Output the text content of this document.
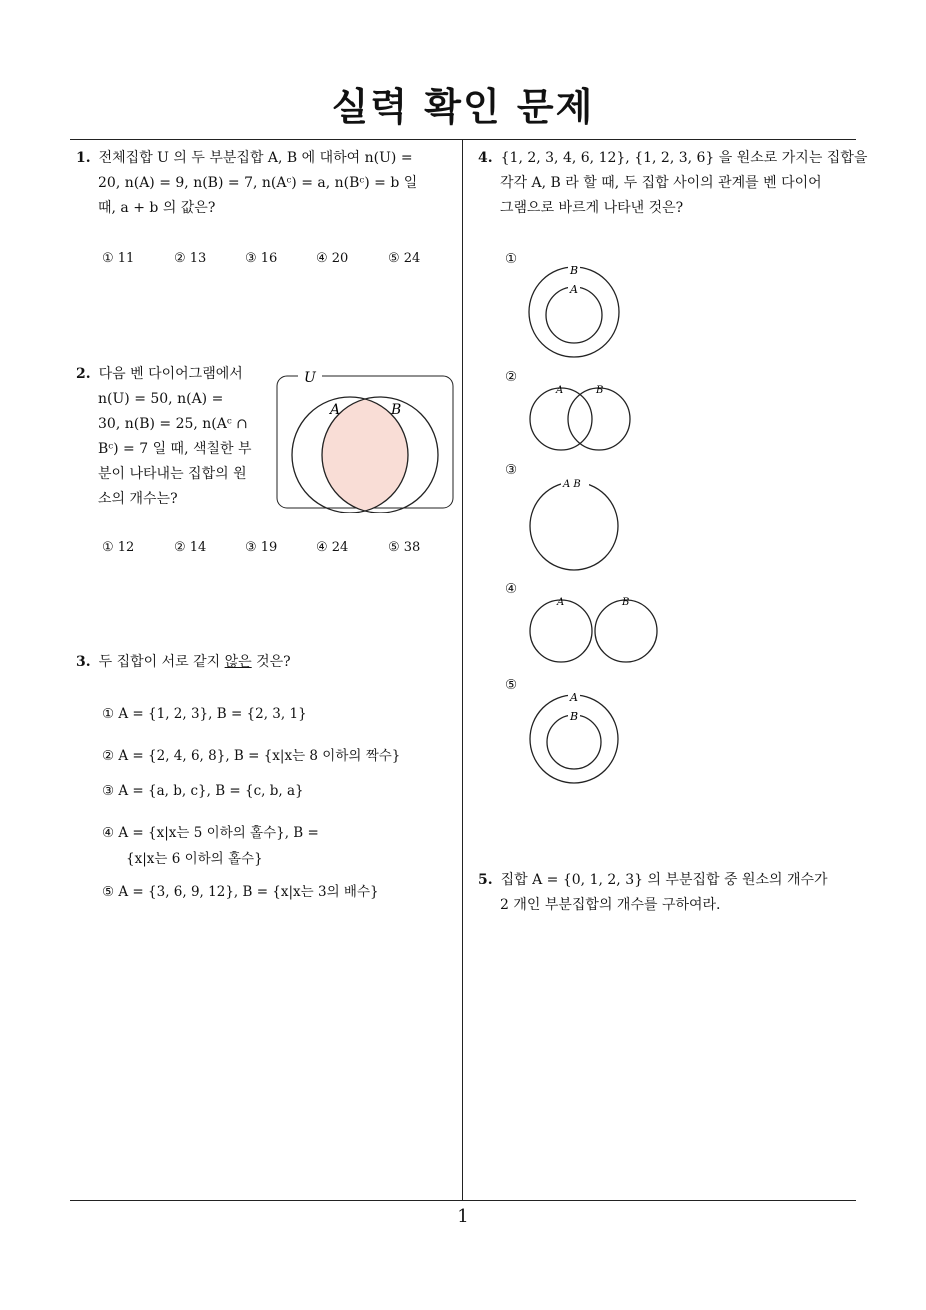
실력 확인 문제
1. 전체집합 U 의 두 부분집합 A, B 에 대하여 n(U) =
20, n(A) = 9, n(B) = 7, n(Aᶜ) = a, n(Bᶜ) = b 일
때, a + b 의 값은?
① 11	② 13	③ 16	④ 20	⑤ 24
2. 다음 벤 다이어그램에서
n(U) = 50, n(A) =
30, n(B) = 25, n(Aᶜ ∩
Bᶜ) = 7 일 때, 색칠한 부
분이 나타내는 집합의 원
소의 개수는?
U
A	B
① 12	② 14	③ 19	④ 24	⑤ 38
3. 두 집합이 서로 같지 않은 것은?
① A = {1, 2, 3}, B = {2, 3, 1}
② A = {2, 4, 6, 8}, B = {x|x는 8 이하의 짝수}
③ A = {a, b, c}, B = {c, b, a}
④ A = {x|x는 5 이하의 홀수}, B =
{x|x는 6 이하의 홀수}
⑤ A = {3, 6, 9, 12}, B = {x|x는 3의 배수}
4. {1, 2, 3, 4, 6, 12}, {1, 2, 3, 6} 을 원소로 가지는 집합을
각각 A, B 라 할 때, 두 집합 사이의 관계를 벤 다이어
그램으로 바르게 나타낸 것은?
①
B
A
②
A	B
③
A B
④
A	B
⑤
A
B
5. 집합 A = {0, 1, 2, 3} 의 부분집합 중 원소의 개수가
2 개인 부분집합의 개수를 구하여라.
1
